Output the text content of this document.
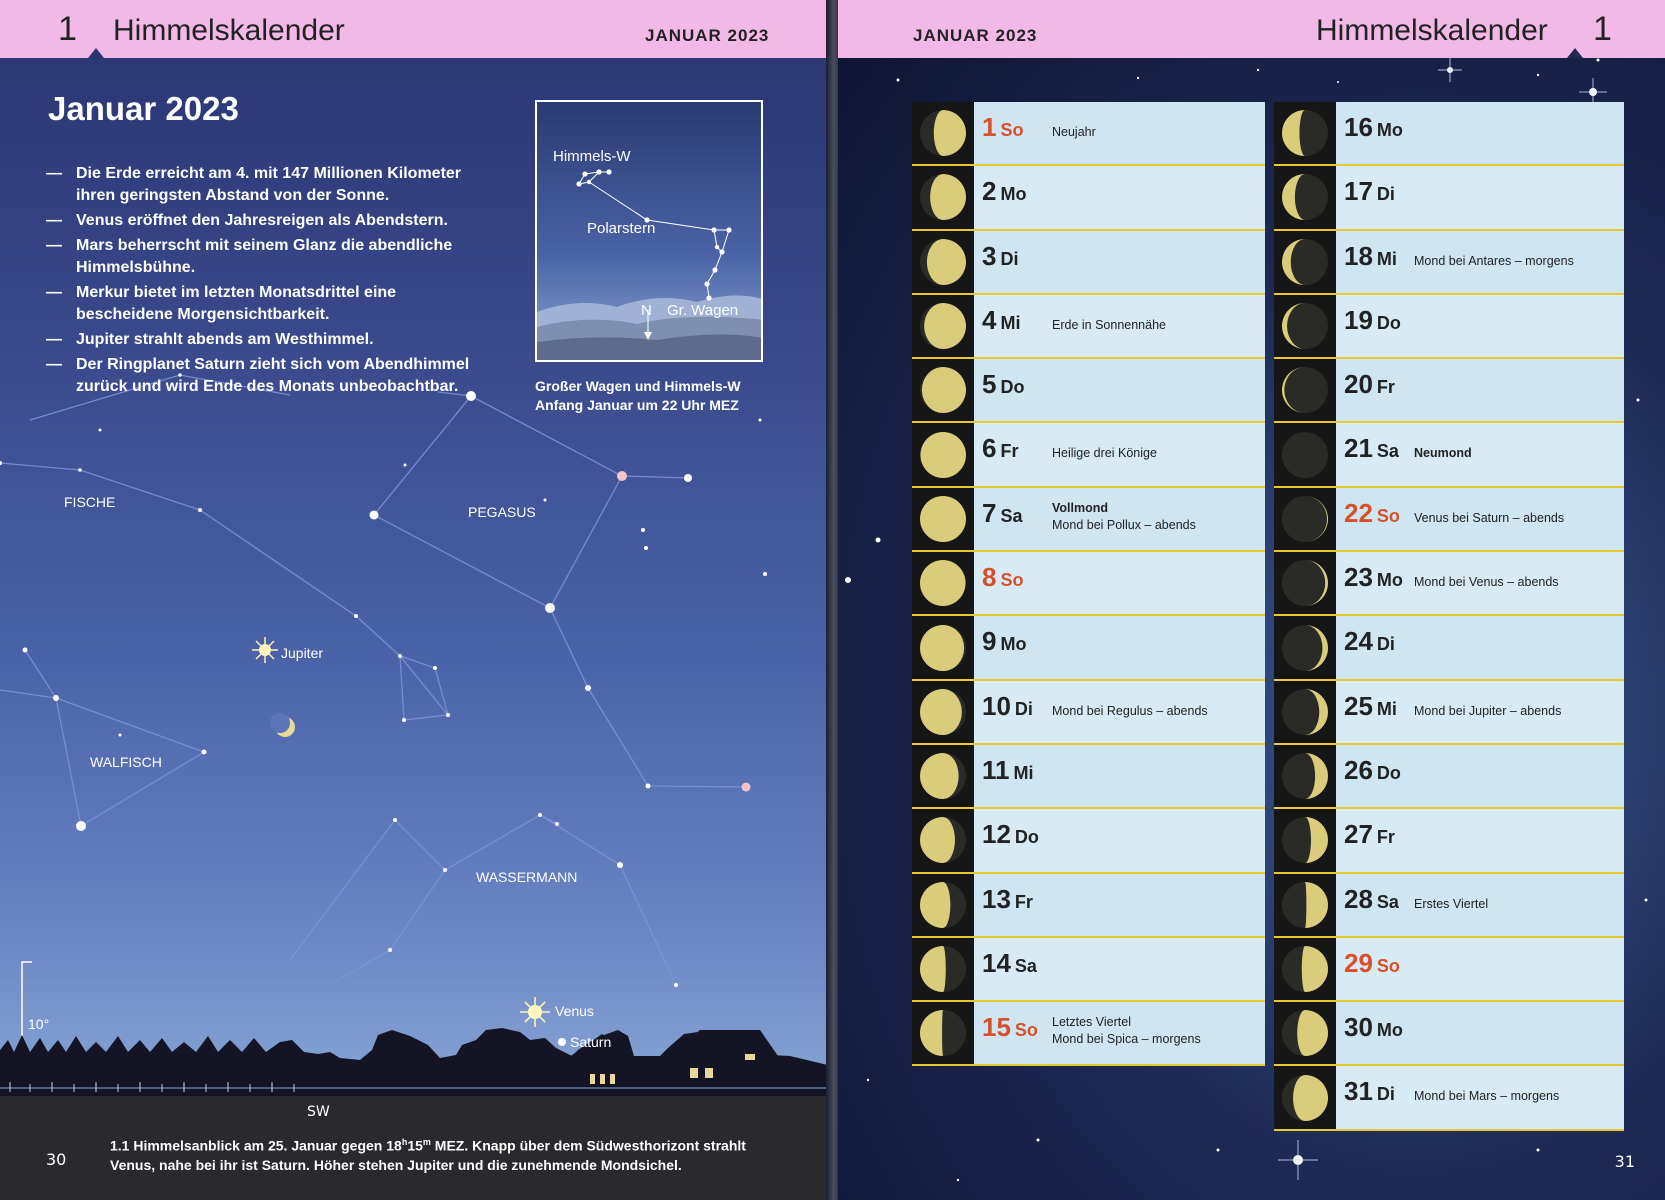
1 Himmelskalender	JANUAR 2023
Januar 2023
— Die Erde erreicht am 4. mit 147 Millionen Kilometer ihren geringsten Abstand von der Sonne.
— Venus eröffnet den Jahresreigen als Abendstern.
— Mars beherrscht mit seinem Glanz die abendliche Himmelsbühne.
— Merkur bietet im letzten Monatsdrittel eine bescheidene Morgensichtbarkeit.
— Jupiter strahlt abends am Westhimmel.
— Der Ringplanet Saturn zieht sich vom Abendhimmel zurück und wird Ende des Monats unbeobachtbar.
Himmels-W
Polarstern
N Gr. Wagen
Großer Wagen und Himmels-W Anfang Januar um 22 Uhr MEZ
FISCHE
PEGASUS
WALFISCH
WASSERMANN
Jupiter
Venus
Saturn
10°
SW
30
1.1 Himmelsanblick am 25. Januar gegen 18$^h$15$^m$ MEZ. Knapp über dem Südwesthorizont strahlt Venus, nahe bei ihr ist Saturn. Höher stehen Jupiter und die zunehmende Mondsichel.
JANUAR 2023	Himmelskalender 1
1 So Neujahr
2 Mo
3 Di
4 Mi	Erde in Sonnennähe
5 Do
6 Fr	Heilige drei Könige
7 Sa Vollmond
Mond bei Pollux – abends
8 So
9 Mo
10 Di Mond bei Regulus – abends
11 Mi
12 Do
13 Fr
14 Sa
15 So Letztes Viertel
Mond bei Spica – morgens
16 Mo
17 Di
18 Mi Mond bei Antares – morgens
19 Do
20 Fr
21 Sa Neumond
22 So Venus bei Saturn – abends
23 Mo Mond bei Venus – abends
24 Di
25 Mi Mond bei Jupiter – abends
26 Do
27 Fr
28 Sa Erstes Viertel
29 So
30 Mo
31 Di Mond bei Mars – morgens
31
